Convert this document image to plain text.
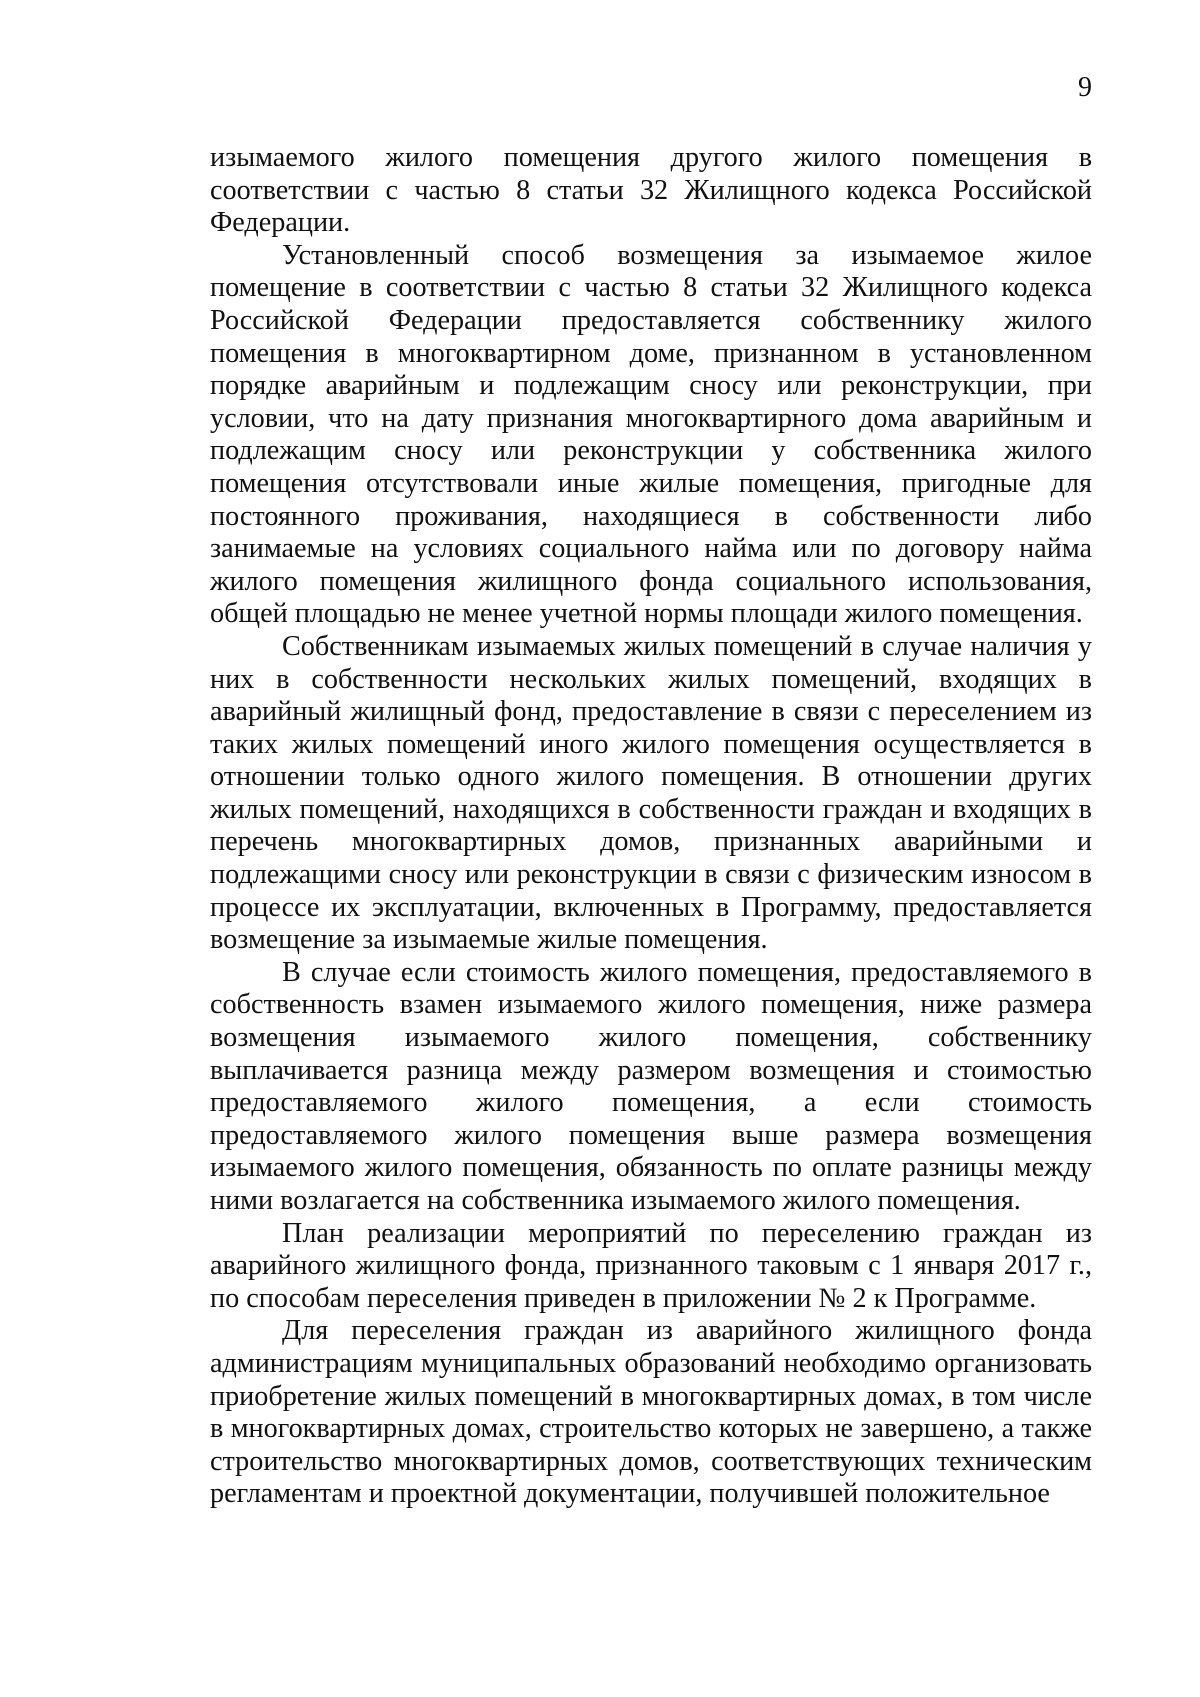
9

изымаемого жилого помещения другого жилого помещения в соответствии с частью 8 статьи 32 Жилищного кодекса Российской Федерации.

Установленный способ возмещения за изымаемое жилое помещение в соответствии с частью 8 статьи 32 Жилищного кодекса Российской Федерации предоставляется собственнику жилого помещения в многоквартирном доме, признанном в установленном порядке аварийным и подлежащим сносу или реконструкции, при условии, что на дату признания многоквартирного дома аварийным и подлежащим сносу или реконструкции у собственника жилого помещения отсутствовали иные жилые помещения, пригодные для постоянного проживания, находящиеся в собственности либо занимаемые на условиях социального найма или по договору найма жилого помещения жилищного фонда социального использования, общей площадью не менее учетной нормы площади жилого помещения.

Собственникам изымаемых жилых помещений в случае наличия у них в собственности нескольких жилых помещений, входящих в аварийный жилищный фонд, предоставление в связи с переселением из таких жилых помещений иного жилого помещения осуществляется в отношении только одного жилого помещения. В отношении других жилых помещений, находящихся в собственности граждан и входящих в перечень многоквартирных домов, признанных аварийными и подлежащими сносу или реконструкции в связи с физическим износом в процессе их эксплуатации, включенных в Программу, предоставляется возмещение за изымаемые жилые помещения.

В случае если стоимость жилого помещения, предоставляемого в собственность взамен изымаемого жилого помещения, ниже размера возмещения изымаемого жилого помещения, собственнику выплачивается разница между размером возмещения и стоимостью предоставляемого жилого помещения, а если стоимость предоставляемого жилого помещения выше размера возмещения изымаемого жилого помещения, обязанность по оплате разницы между ними возлагается на собственника изымаемого жилого помещения.

План реализации мероприятий по переселению граждан из аварийного жилищного фонда, признанного таковым с 1 января 2017 г., по способам переселения приведен в приложении № 2 к Программе.

Для переселения граждан из аварийного жилищного фонда администрациям муниципальных образований необходимо организовать приобретение жилых помещений в многоквартирных домах, в том числе в многоквартирных домах, строительство которых не завершено, а также строительство многоквартирных домов, соответствующих техническим регламентам и проектной документации, получившей положительное
